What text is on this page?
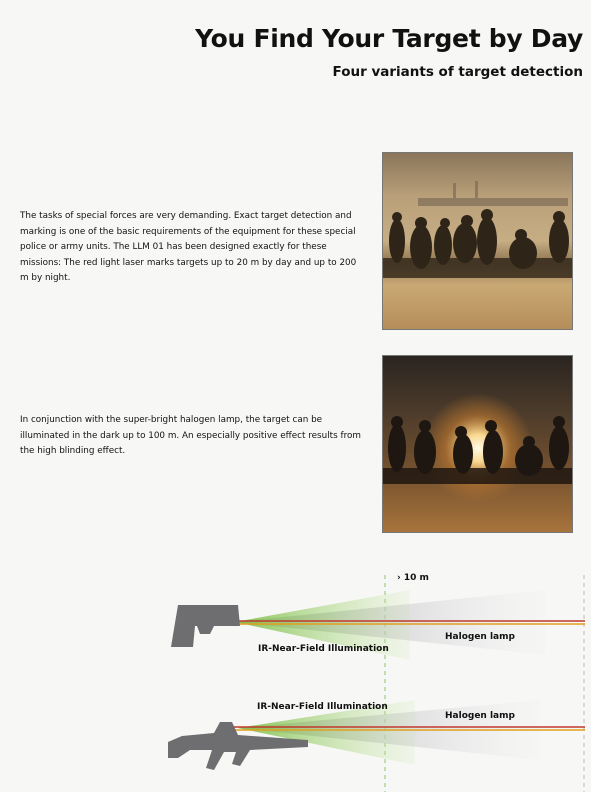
You Find Your Target by Day
Four variants of target detection
The tasks of special forces are very demanding. Exact target detection and marking is one of the basic requirements of the equipment for these special police or army units. The LLM 01 has been designed exactly for these missions: The red light laser marks targets up to 20 m by day and up to 200 m by night.
In conjunction with the super-bright halogen lamp, the target can be illuminated in the dark up to 100 m. An especially positive effect results from the high blinding effect.
› 10 m
Halogen lamp
IR-Near-Field Illumination
IR-Near-Field Illumination
Halogen lamp
